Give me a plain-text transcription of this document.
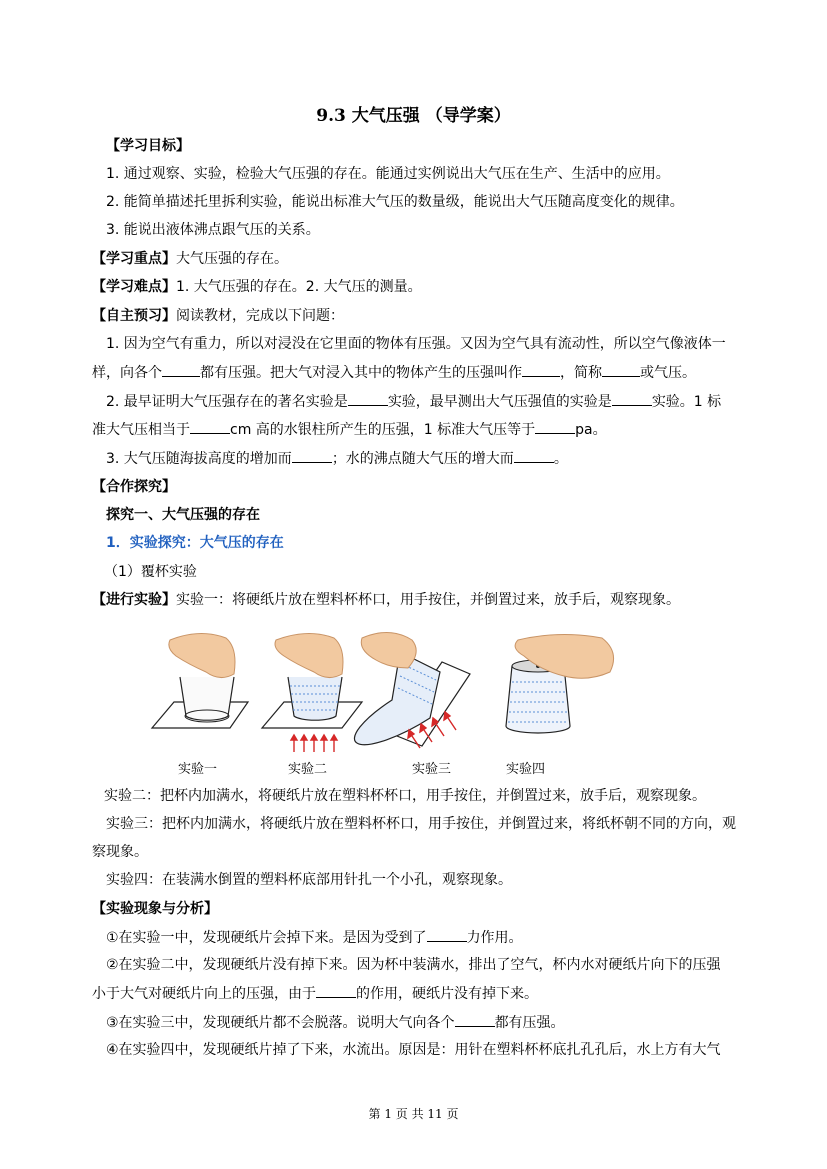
9.3 大气压强 （导学案）
【学习目标】
1. 通过观察、实验，检验大气压强的存在。能通过实例说出大气压在生产、生活中的应用。
2. 能简单描述托里拆利实验，能说出标准大气压的数量级，能说出大气压随高度变化的规律。
3. 能说出液体沸点跟气压的关系。
【学习重点】大气压强的存在。
【学习难点】1. 大气压强的存在。2. 大气压的测量。
【自主预习】阅读教材，完成以下问题：
1. 因为空气有重力，所以对浸没在它里面的物体有压强。又因为空气具有流动性，所以空气像液体一
样，向各个	都有压强。把大气对浸入其中的物体产生的压强叫作	，简称	或气压。
2. 最早证明大气压强存在的著名实验是	实验，最早测出大气压强值的实验是	实验。1 标
准大气压相当于	cm 高的水银柱所产生的压强，1 标准大气压等于	pa。
3. 大气压随海拔高度的增加而	；水的沸点随大气压的增大而	。
【合作探究】
探究一、大气压强的存在
1．实验探究：大气压的存在
（1）覆杯实验
【进行实验】实验一：将硬纸片放在塑料杯杯口，用手按住，并倒置过来，放手后，观察现象。
实验一	实验二	实验三	实验四
实验二：把杯内加满水，将硬纸片放在塑料杯杯口，用手按住，并倒置过来，放手后，观察现象。
实验三：把杯内加满水，将硬纸片放在塑料杯杯口，用手按住，并倒置过来，将纸杯朝不同的方向，观
察现象。
实验四：在装满水倒置的塑料杯底部用针扎一个小孔，观察现象。
【实验现象与分析】
①在实验一中，发现硬纸片会掉下来。是因为受到了	力作用。
②在实验二中，发现硬纸片没有掉下来。因为杯中装满水，排出了空气，杯内水对硬纸片向下的压强
小于大气对硬纸片向上的压强，由于	的作用，硬纸片没有掉下来。
③在实验三中，发现硬纸片都不会脱落。说明大气向各个	都有压强。
④在实验四中，发现硬纸片掉了下来，水流出。原因是：用针在塑料杯杯底扎孔孔后，水上方有大气
第 1 页 共 11 页
